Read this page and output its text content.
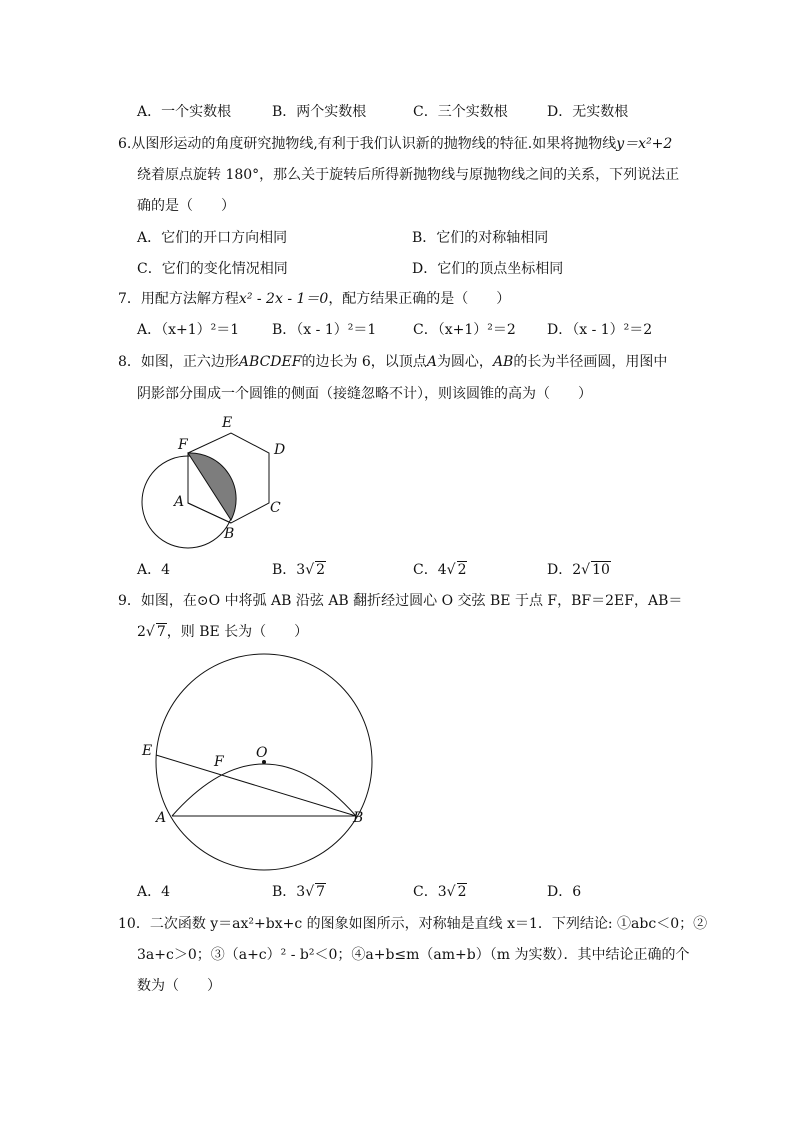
A．一个实数根	B．两个实数根	C．三个实数根	D．无实数根
6.从图形运动的角度研究抛物线,有利于我们认识新的抛物线的特征.如果将抛物线y＝x²+2
绕着原点旋转 180°，那么关于旋转后所得新抛物线与原抛物线之间的关系，下列说法正
确的是（　　）
A．它们的开口方向相同	B．它们的对称轴相同
C．它们的变化情况相同	D．它们的顶点坐标相同
7．用配方法解方程x² - 2x - 1＝0，配方结果正确的是（　　）
A．（x+1）²＝1 B．（x - 1）²＝1	C．（x+1）²＝2 D．（x - 1）²＝2
8．如图，正六边形ABCDEF的边长为 6，以顶点A为圆心，AB的长为半径画圆，用图中
阴影部分围成一个圆锥的侧面（接缝忽略不计），则该圆锥的高为（　　）
E
F	D
A	C
B
A．4	B．3√ 2	C．4√ 2	D．2√ 10
9．如图，在⊙O 中将弧 AB 沿弦 AB 翻折经过圆心 O 交弦 BE 于点 F，BF＝2EF，AB＝
2√ 7，则 BE 长为（　　）
E
F
O
A	B
A．4	B．3√ 7	C．3√ 2	D．6
10．二次函数 y＝ax²+bx+c 的图象如图所示，对称轴是直线 x＝1．下列结论: ①abc＜0；②
3a+c＞0；③（a+c）² - b²＜0；④a+b≤m（am+b）（m 为实数）．其中结论正确的个
数为（　　）
